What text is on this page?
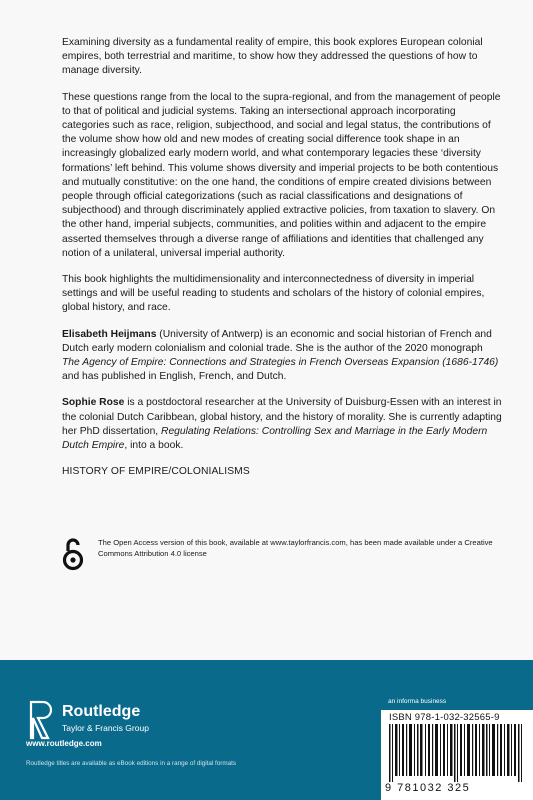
Examining diversity as a fundamental reality of empire, this book explores European colonial empires, both terrestrial and maritime, to show how they addressed the questions of how to manage diversity.

These questions range from the local to the supra-regional, and from the management of people to that of political and judicial systems. Taking an intersectional approach incorporating categories such as race, religion, subjecthood, and social and legal status, the contributions of the volume show how old and new modes of creating social difference took shape in an increasingly globalized early modern world, and what contemporary legacies these ‘diversity formations’ left behind. This volume shows diversity and imperial projects to be both contentious and mutually constitutive: on the one hand, the conditions of empire created divisions between people through official categorizations (such as racial classifications and designations of subjecthood) and through discriminately applied extractive policies, from taxation to slavery. On the other hand, imperial subjects, communities, and polities within and adjacent to the empire asserted themselves through a diverse range of affiliations and identities that challenged any notion of a unilateral, universal imperial authority.

This book highlights the multidimensionality and interconnectedness of diversity in imperial settings and will be useful reading to students and scholars of the history of colonial empires, global history, and race.

Elisabeth Heijmans (University of Antwerp) is an economic and social historian of French and Dutch early modern colonialism and colonial trade. She is the author of the 2020 monograph The Agency of Empire: Connections and Strategies in French Overseas Expansion (1686-1746) and has published in English, French, and Dutch.

Sophie Rose is a postdoctoral researcher at the University of Duisburg-Essen with an interest in the colonial Dutch Caribbean, global history, and the history of morality. She is currently adapting her PhD dissertation, Regulating Relations: Controlling Sex and Marriage in the Early Modern Dutch Empire, into a book.

HISTORY OF EMPIRE/COLONIALISMS
The Open Access version of this book, available at www.taylorfrancis.com, has been made available under a Creative Commons Attribution 4.0 license
Routledge
Taylor & Francis Group
www.routledge.com
Routledge titles are available as eBook editions in a range of digital formats
an informa business
ISBN 978-1-032-32565-9
9 781032 325
